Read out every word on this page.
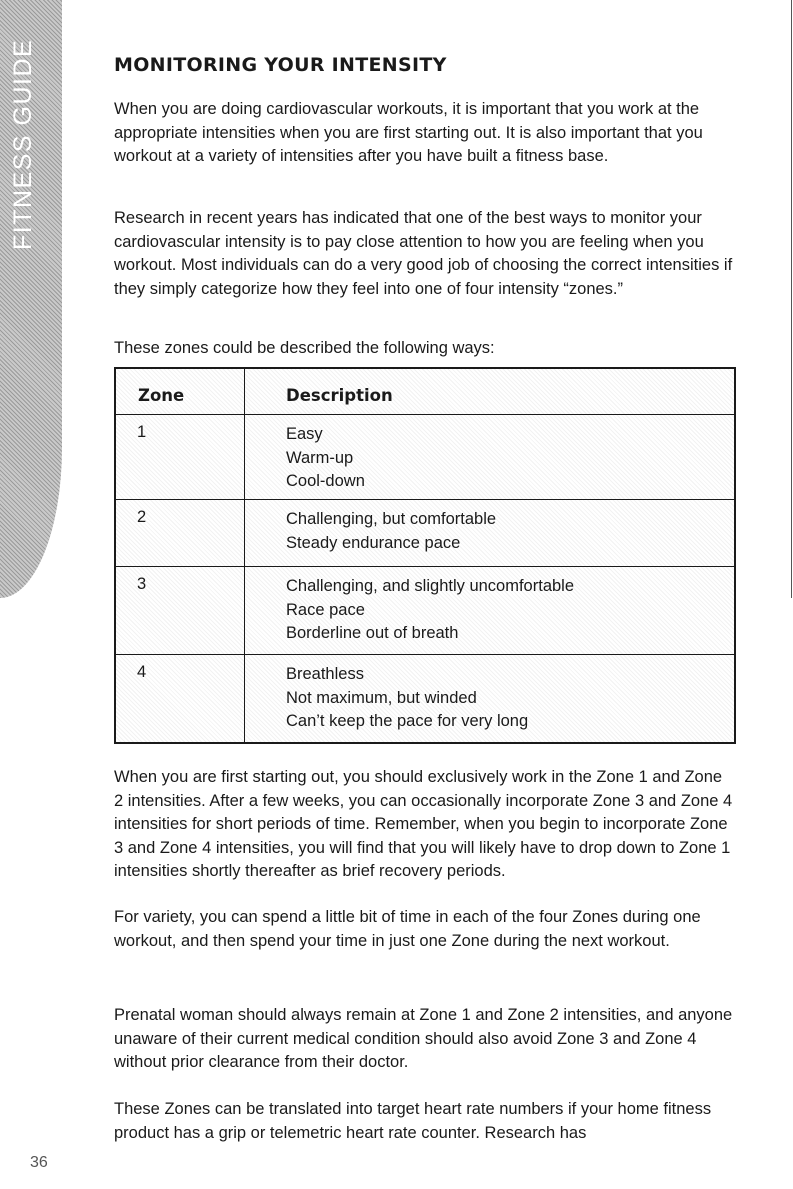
FITNESS GUIDE	MONITORING YOUR INTENSITY

When you are doing cardiovascular workouts, it is important that you work at the appropriate intensities when you are first starting out. It is also important that you workout at a variety of intensities after you have built a fitness base.

Research in recent years has indicated that one of the best ways to monitor your cardiovascular intensity is to pay close attention to how you are feeling when you workout. Most individuals can do a very good job of choosing the correct intensities if they simply categorize how they feel into one of four intensity “zones.”

These zones could be described the following ways:

Zone	Description
1	Easy
Warm-up
Cool-down
2	Challenging, but comfortable
Steady endurance pace
3	Challenging, and slightly uncomfortable
Race pace
Borderline out of breath
4	Breathless
Not maximum, but winded
Can’t keep the pace for very long

When you are first starting out, you should exclusively work in the Zone 1 and Zone 2 intensities. After a few weeks, you can occasionally incorporate Zone 3 and Zone 4 intensities for short periods of time. Remember, when you begin to incorporate Zone 3 and Zone 4 intensities, you will find that you will likely have to drop down to Zone 1 intensities shortly thereafter as brief recovery periods.

For variety, you can spend a little bit of time in each of the four Zones during one workout, and then spend your time in just one Zone during the next workout.

Prenatal woman should always remain at Zone 1 and Zone 2 intensities, and anyone unaware of their current medical condition should also avoid Zone 3 and Zone 4 without prior clearance from their doctor.

These Zones can be translated into target heart rate numbers if your home fitness product has a grip or telemetric heart rate counter. Research has

36
